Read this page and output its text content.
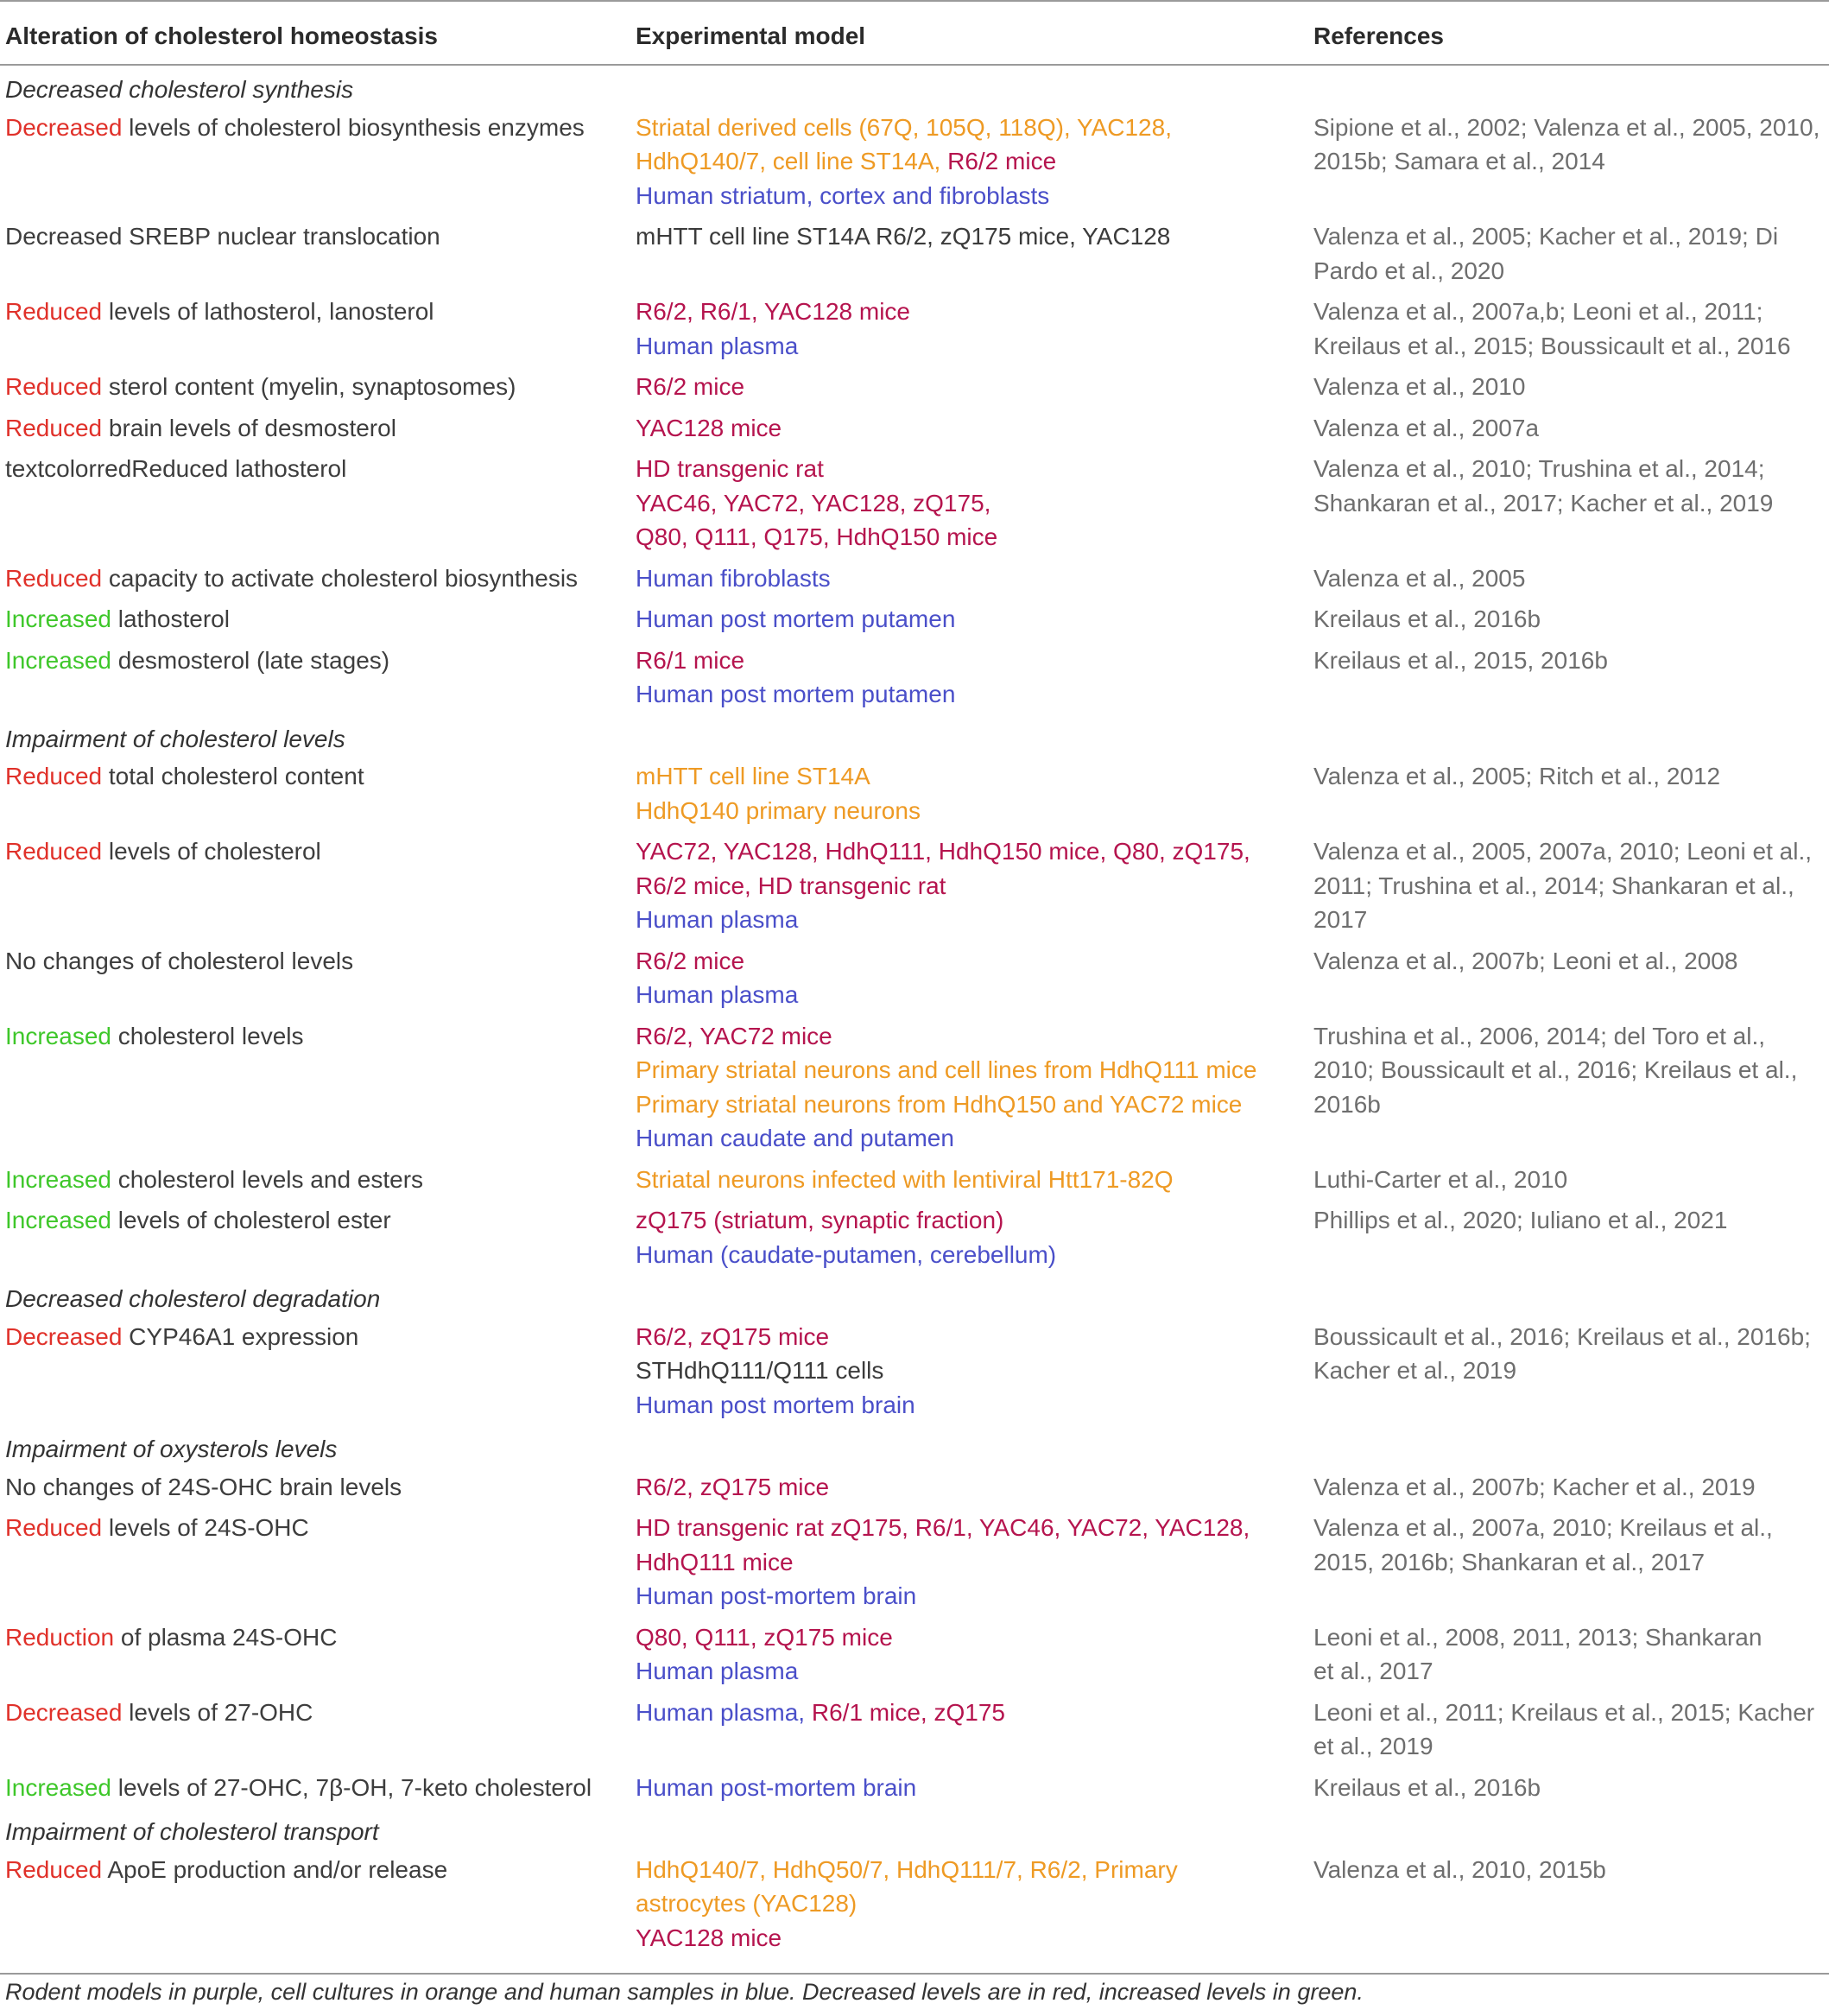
Alteration of cholesterol homeostasis	Experimental model	References
Decreased cholesterol synthesis		
Decreased levels of cholesterol biosynthesis enzymes	Striatal derived cells (67Q, 105Q, 118Q), YAC128,
HdhQ140/7, cell line ST14A, R6/2 mice
Human striatum, cortex and fibroblasts	Sipione et al., 2002; Valenza et al., 2005, 2010,
2015b; Samara et al., 2014

Decreased SREBP nuclear translocation	mHTT cell line ST14A R6/2, zQ175 mice, YAC128	Valenza et al., 2005; Kacher et al., 2019; Di
Pardo et al., 2020

Reduced levels of lathosterol, lanosterol	R6/2, R6/1, YAC128 mice
Human plasma	Valenza et al., 2007a,b; Leoni et al., 2011;
Kreilaus et al., 2015; Boussicault et al., 2016

Reduced sterol content (myelin, synaptosomes)	R6/2 mice	Valenza et al., 2010

Reduced brain levels of desmosterol	YAC128 mice	Valenza et al., 2007a

textcolorredReduced lathosterol	HD transgenic rat
YAC46, YAC72, YAC128, zQ175,
Q80, Q111, Q175, HdhQ150 mice	Valenza et al., 2010; Trushina et al., 2014;
Shankaran et al., 2017; Kacher et al., 2019

Reduced capacity to activate cholesterol biosynthesis	Human fibroblasts	Valenza et al., 2005

Increased lathosterol	Human post mortem putamen	Kreilaus et al., 2016b

Increased desmosterol (late stages)	R6/1 mice
Human post mortem putamen	Kreilaus et al., 2015, 2016b

Impairment of cholesterol levels		
Reduced total cholesterol content	mHTT cell line ST14A
HdhQ140 primary neurons	Valenza et al., 2005; Ritch et al., 2012

Reduced levels of cholesterol	YAC72, YAC128, HdhQ111, HdhQ150 mice, Q80, zQ175,
R6/2 mice, HD transgenic rat
Human plasma	Valenza et al., 2005, 2007a, 2010; Leoni et al.,
2011; Trushina et al., 2014; Shankaran et al.,
2017

No changes of cholesterol levels	R6/2 mice
Human plasma	Valenza et al., 2007b; Leoni et al., 2008

Increased cholesterol levels	R6/2, YAC72 mice
Primary striatal neurons and cell lines from HdhQ111 mice
Primary striatal neurons from HdhQ150 and YAC72 mice
Human caudate and putamen	Trushina et al., 2006, 2014; del Toro et al.,
2010; Boussicault et al., 2016; Kreilaus et al.,
2016b

Increased cholesterol levels and esters	Striatal neurons infected with lentiviral Htt171-82Q	Luthi-Carter et al., 2010

Increased levels of cholesterol ester	zQ175 (striatum, synaptic fraction)
Human (caudate-putamen, cerebellum)	Phillips et al., 2020; Iuliano et al., 2021

Decreased cholesterol degradation		
Decreased CYP46A1 expression	R6/2, zQ175 mice
STHdhQ111/Q111 cells
Human post mortem brain	Boussicault et al., 2016; Kreilaus et al., 2016b;
Kacher et al., 2019

Impairment of oxysterols levels		
No changes of 24S-OHC brain levels	R6/2, zQ175 mice	Valenza et al., 2007b; Kacher et al., 2019

Reduced levels of 24S-OHC	HD transgenic rat zQ175, R6/1, YAC46, YAC72, YAC128,
HdhQ111 mice
Human post-mortem brain	Valenza et al., 2007a, 2010; Kreilaus et al.,
2015, 2016b; Shankaran et al., 2017

Reduction of plasma 24S-OHC	Q80, Q111, zQ175 mice
Human plasma	Leoni et al., 2008, 2011, 2013; Shankaran
et al., 2017

Decreased levels of 27-OHC	Human plasma, R6/1 mice, zQ175	Leoni et al., 2011; Kreilaus et al., 2015; Kacher
et al., 2019

Increased levels of 27-OHC, 7β-OH, 7-keto cholesterol	Human post-mortem brain	Kreilaus et al., 2016b

Impairment of cholesterol transport		
Reduced ApoE production and/or release	HdhQ140/7, HdhQ50/7, HdhQ111/7, R6/2, Primary
astrocytes (YAC128)
YAC128 mice	Valenza et al., 2010, 2015b
Rodent models in purple, cell cultures in orange and human samples in blue. Decreased levels are in red, increased levels in green.
